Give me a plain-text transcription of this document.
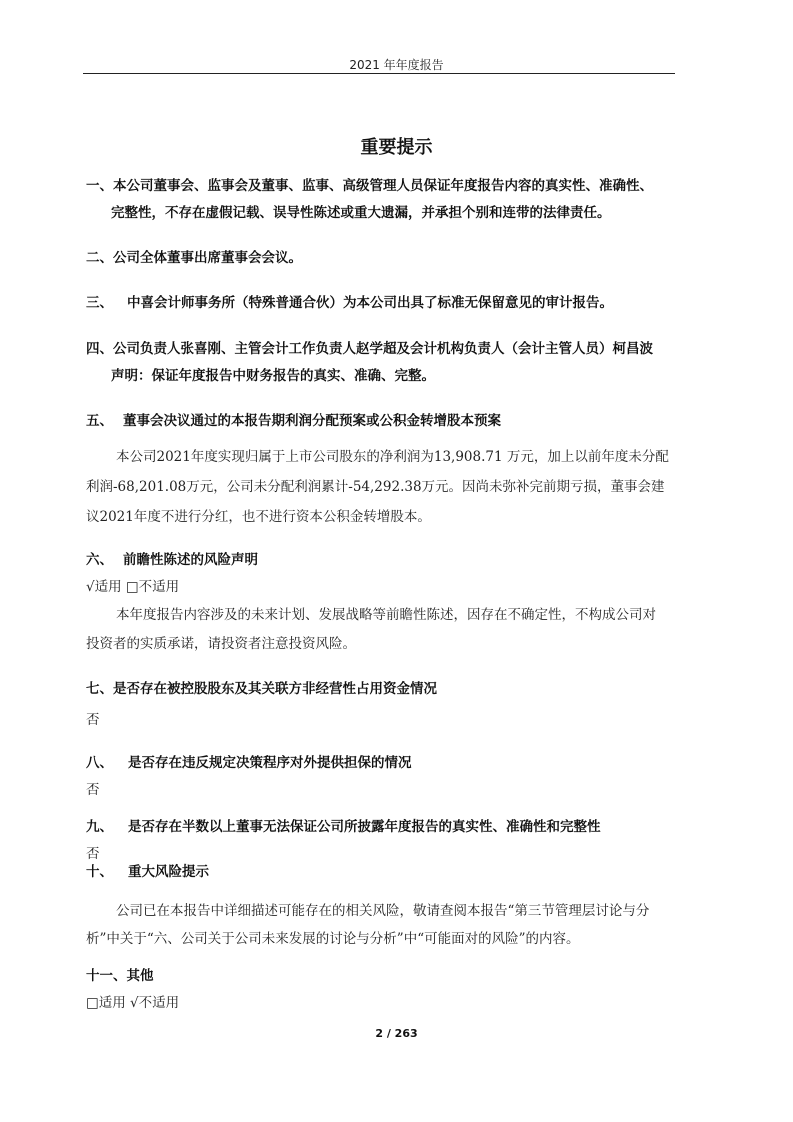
2021 年年度报告
重要提示
一、本公司董事会、监事会及董事、监事、高级管理人员保证年度报告内容的真实性、准确性、
完整性，不存在虚假记载、误导性陈述或重大遗漏，并承担个别和连带的法律责任。
二、公司全体董事出席董事会会议。
三、 中喜会计师事务所（特殊普通合伙）为本公司出具了标准无保留意见的审计报告。
四、公司负责人张喜刚、主管会计工作负责人赵学超及会计机构负责人（会计主管人员）柯昌波
声明：保证年度报告中财务报告的真实、准确、完整。
五、 董事会决议通过的本报告期利润分配预案或公积金转增股本预案
本公司2021年度实现归属于上市公司股东的净利润为13,908.71 万元，加上以前年度未分配
利润-68,201.08万元，公司未分配利润累计-54,292.38万元。因尚未弥补完前期亏损，董事会建
议2021年度不进行分红，也不进行资本公积金转增股本。
六、 前瞻性陈述的风险声明
√适用 □不适用
本年度报告内容涉及的未来计划、发展战略等前瞻性陈述，因存在不确定性，不构成公司对
投资者的实质承诺，请投资者注意投资风险。
七、是否存在被控股股东及其关联方非经营性占用资金情况
否
八、 是否存在违反规定决策程序对外提供担保的情况
否
九、 是否存在半数以上董事无法保证公司所披露年度报告的真实性、准确性和完整性
否
十、 重大风险提示
公司已在本报告中详细描述可能存在的相关风险，敬请查阅本报告“第三节管理层讨论与分
析”中关于“六、公司关于公司未来发展的讨论与分析”中“可能面对的风险”的内容。
十一、其他
□适用 √不适用
2 / 263
